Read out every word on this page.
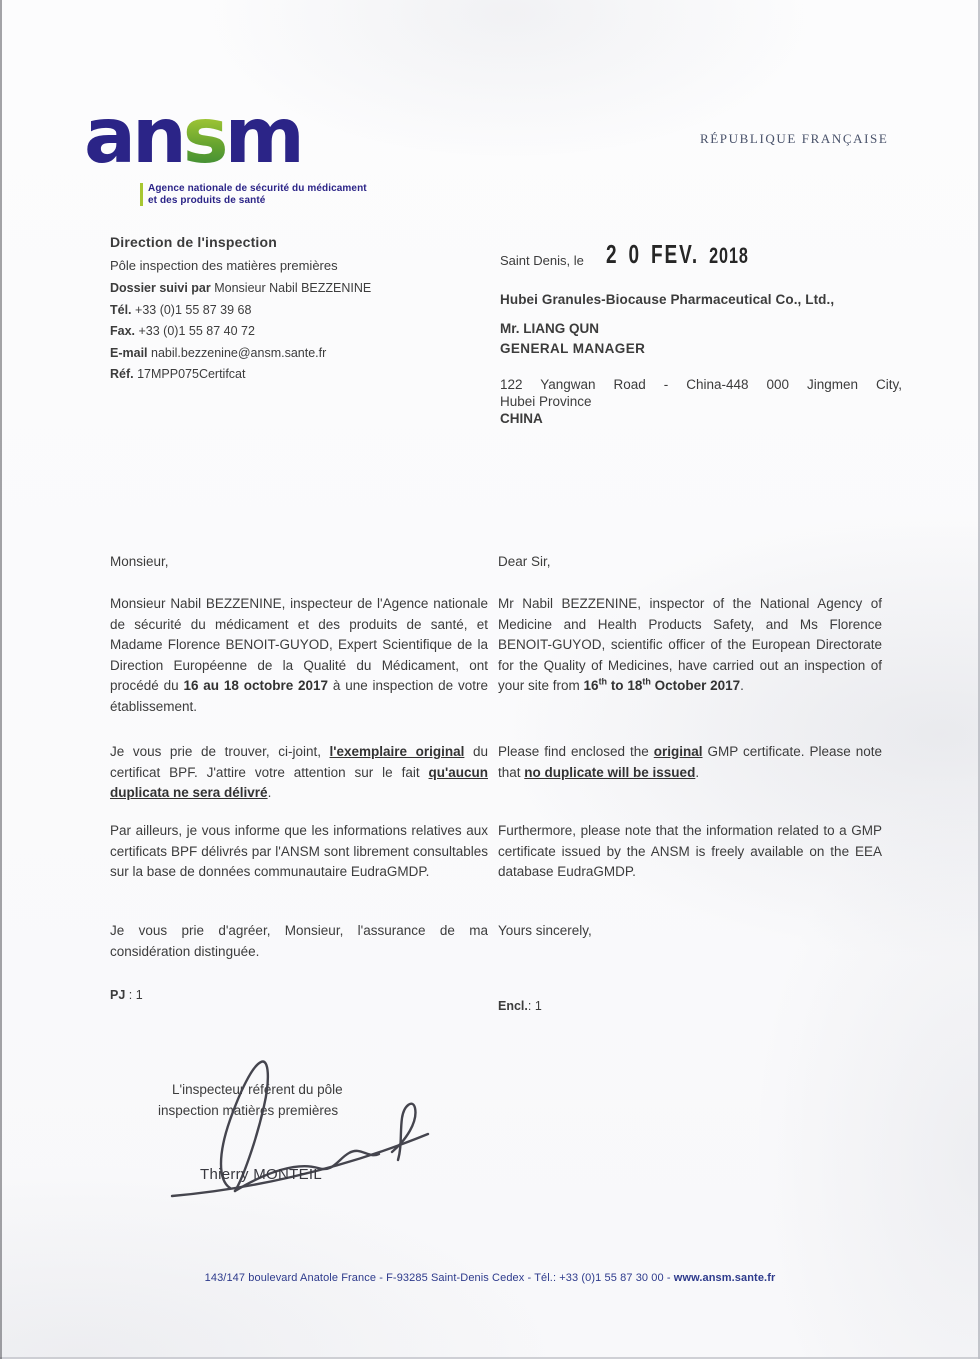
ansm
Agence nationale de sécurité du médicament
et des produits de santé
RÉPUBLIQUE FRANÇAISE
Direction de l'inspection
Pôle inspection des matières premières
Dossier suivi par Monsieur Nabil BEZZENINE
Tél. +33 (0)1 55 87 39 68
Fax. +33 (0)1 55 87 40 72
E-mail nabil.bezzenine@ansm.sante.fr
Réf. 17MPP075Certifcat
Saint Denis, le 2 0 FEV. 2018
Hubei Granules-Biocause Pharmaceutical Co., Ltd.,
Mr. LIANG QUN
GENERAL MANAGER
122 Yangwan Road - China-448 000 Jingmen City,
Hubei Province
CHINA

Monsieur,

Monsieur Nabil BEZZENINE, inspecteur de l'Agence nationale de sécurité du médicament et des produits de santé, et Madame Florence BENOIT-GUYOD, Expert Scientifique de la Direction Européenne de la Qualité du Médicament, ont procédé du 16 au 18 octobre 2017 à une inspection de votre établissement.

Je vous prie de trouver, ci-joint, l'exemplaire original du certificat BPF. J'attire votre attention sur le fait qu'aucun duplicata ne sera délivré.

Par ailleurs, je vous informe que les informations relatives aux certificats BPF délivrés par l'ANSM sont librement consultables sur la base de données communautaire EudraGMDP.

Je vous prie d'agréer, Monsieur, l'assurance de ma considération distinguée.

PJ : 1

Dear Sir,

Mr Nabil BEZZENINE, inspector of the National Agency of Medicine and Health Products Safety, and Ms Florence BENOIT-GUYOD, scientific officer of the European Directorate for the Quality of Medicines, have carried out an inspection of your site from 16th to 18th October 2017.

Please find enclosed the original GMP certificate. Please note that no duplicate will be issued.

Furthermore, please note that the information related to a GMP certificate issued by the ANSM is freely available on the EEA database EudraGMDP.

Yours sincerely,

Encl.: 1
L'inspecteur référent du pôle
inspection matières premières
Thierry MONTEIL
143/147 boulevard Anatole France - F-93285 Saint-Denis Cedex - Tél.: +33 (0)1 55 87 30 00 - www.ansm.sante.fr
